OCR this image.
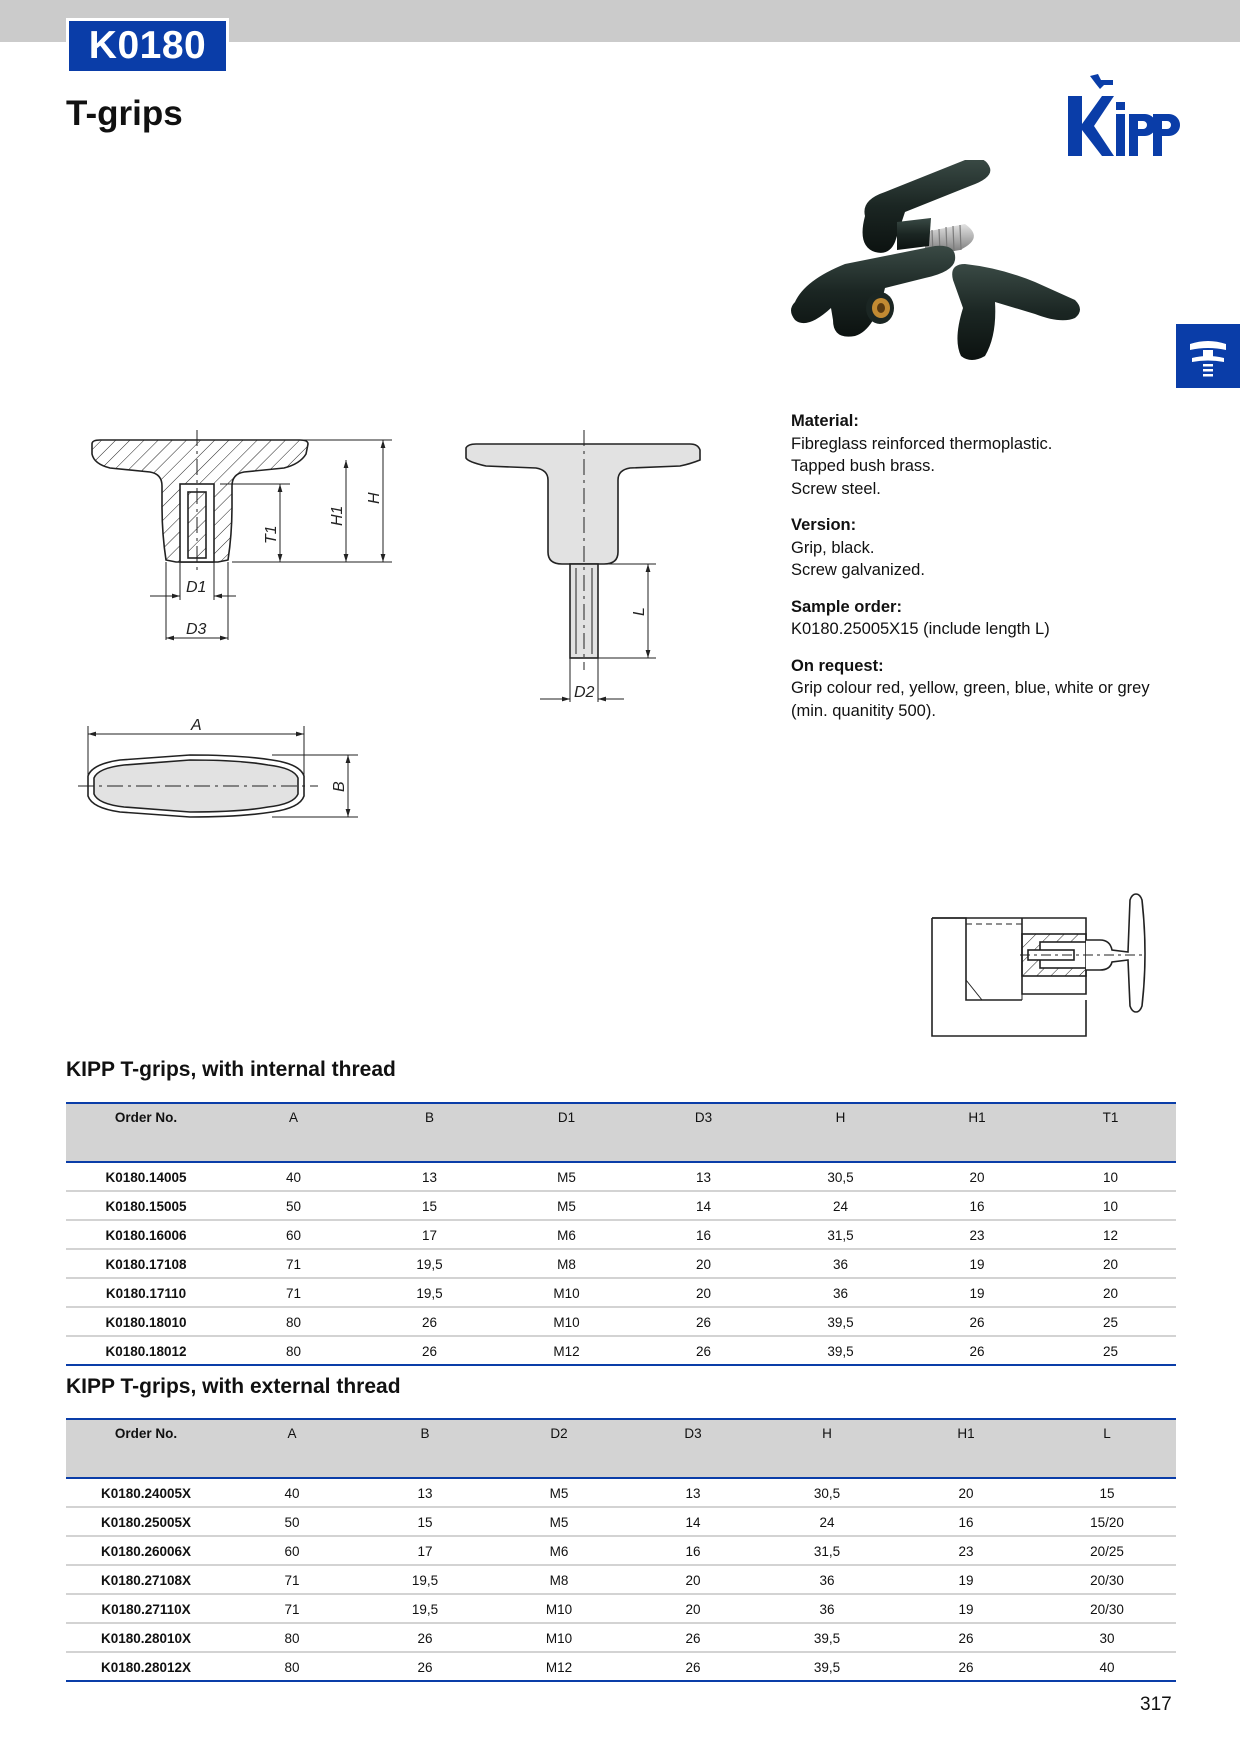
K0180
T-grips
D1
D3
T1
H1
H
L
D2
A
B
Material:
Fibreglass reinforced thermoplastic.
Tapped bush brass.
Screw steel.
Version:
Grip, black.
Screw galvanized.
Sample order:
K0180.25005X15 (include length L)
On request:
Grip colour red, yellow, green, blue, white or grey (min. quanitity 500).
KIPP T-grips, with internal thread
Order No.	A	B	D1	D3	H	H1	T1
K0180.14005	40	13	M5	13	30,5	20	10
K0180.15005	50	15	M5	14	24	16	10
K0180.16006	60	17	M6	16	31,5	23	12
K0180.17108	71	19,5	M8	20	36	19	20
K0180.17110	71	19,5	M10	20	36	19	20
K0180.18010	80	26	M10	26	39,5	26	25
K0180.18012	80	26	M12	26	39,5	26	25
KIPP T-grips, with external thread
Order No.	A	B	D2	D3	H	H1	L
K0180.24005X	40	13	M5	13	30,5	20	15
K0180.25005X	50	15	M5	14	24	16	15/20
K0180.26006X	60	17	M6	16	31,5	23	20/25
K0180.27108X	71	19,5	M8	20	36	19	20/30
K0180.27110X	71	19,5	M10	20	36	19	20/30
K0180.28010X	80	26	M10	26	39,5	26	30
K0180.28012X	80	26	M12	26	39,5	26	40
317
